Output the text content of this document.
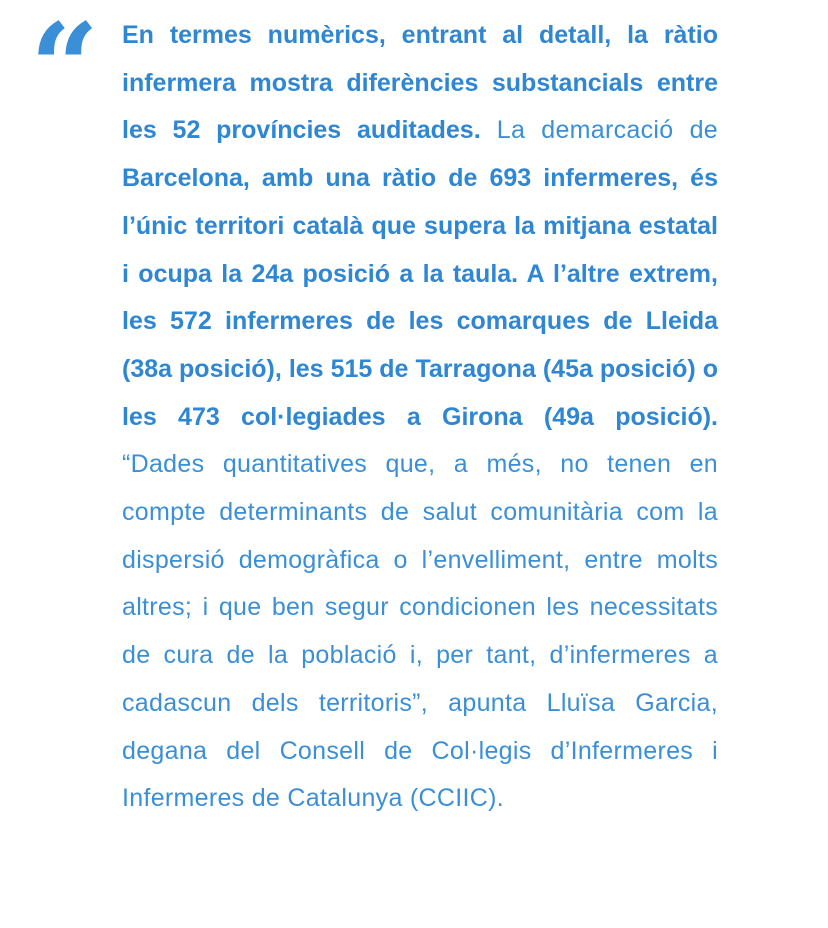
“ En termes numèrics, entrant al detall, la ràtio infermera mostra diferències substancials entre les 52 províncies auditades. La demarcació de Barcelona, amb una ràtio de 693 infermeres, és l’únic territori català que supera la mitjana estatal i ocupa la 24a posició a la taula. A l’altre extrem, les 572 infermeres de les comarques de Lleida (38a posició), les 515 de Tarragona (45a posició) o les 473 col·legiades a Girona (49a posició). “Dades quantitatives que, a més, no tenen en compte determinants de salut comunitària com la dispersió demogràfica o l’envelliment, entre molts altres; i que ben segur condicionen les necessitats de cura de la població i, per tant, d’infermeres a cadascun dels territoris”, apunta Lluïsa Garcia, degana del Consell de Col·legis d’Infermeres i Infermeres de Catalunya (CCIIC).
